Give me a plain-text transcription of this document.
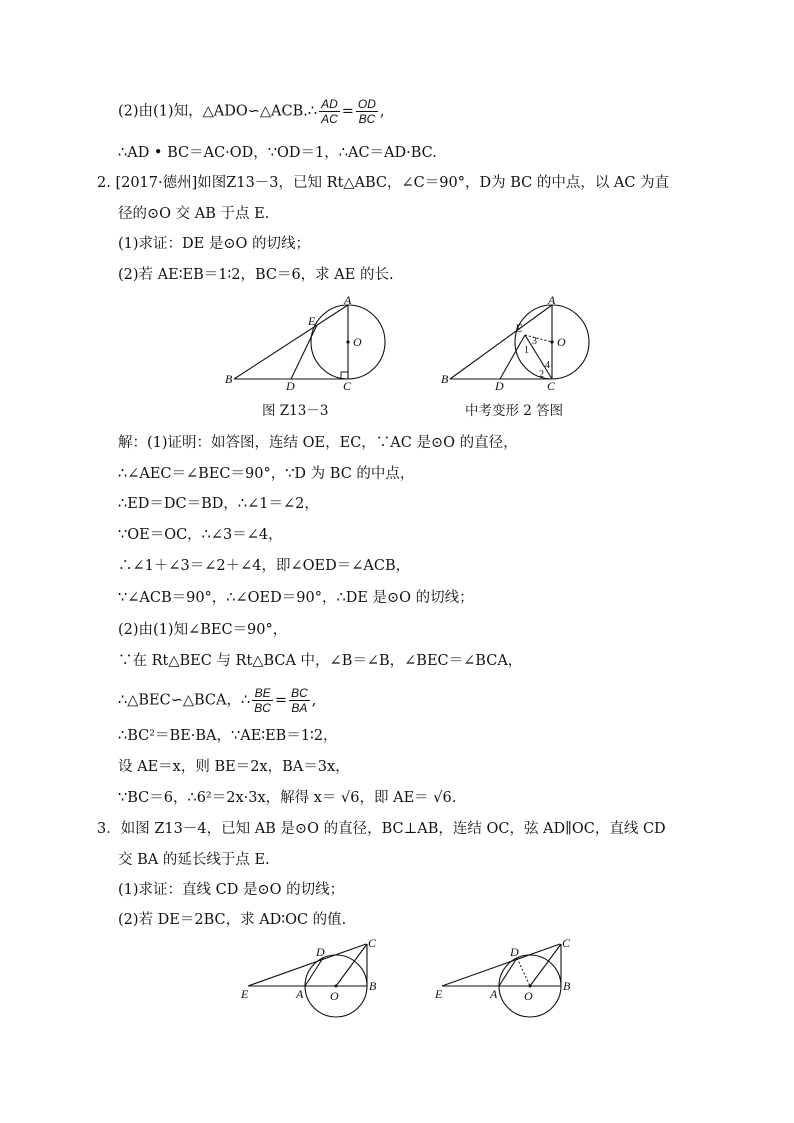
(2)由(1)知，△ADO∽△ACB.∴ $\frac{AD}{AC} = \frac{OD}{BC}$ ,
∴AD • BC＝AC·OD，∵OD＝1，∴AC＝AD·BC.
2. [2017·德州]如图Z13－3，已知 Rt△ABC，∠C＝90°，D为 BC 的中点，以 AC 为直
径的⊙O 交 AB 于点 E.
(1)求证：DE 是⊙O 的切线；
(2)若 AE∶EB＝1∶2，BC＝6，求 AE 的长.
A
B	C
D
E
O
图 Z13－3
A
B	C
D
E
O
1
2
3
4
中考变形 2 答图
解：(1)证明：如答图，连结 OE，EC，∵AC 是⊙O 的直径，
∴∠AEC＝∠BEC＝90°，∵D 为 BC 的中点，
∴ED＝DC＝BD，∴∠1＝∠2，
∵OE＝OC，∴∠3＝∠4，
∴∠1＋∠3＝∠2＋∠4，即∠OED＝∠ACB，
∵∠ACB＝90°，∴∠OED＝90°，∴DE 是⊙O 的切线；
(2)由(1)知∠BEC＝90°，
∵在 Rt△BEC 与 Rt△BCA 中，∠B＝∠B，∠BEC＝∠BCA，
∴△BEC∽△BCA，∴ $\frac{BE}{BC} = \frac{BC}{BA}$ ,
∴BC²＝BE·BA，∵AE∶EB＝1∶2，
设 AE＝x，则 BE＝2x，BA＝3x，
∵BC＝6，∴6²＝2x·3x，解得 x＝ √6，即 AE＝ √6.
3．如图 Z13－4，已知 AB 是⊙O 的直径，BC⊥AB，连结 OC，弦 AD∥OC，直线 CD
交 BA 的延长线于点 E.
(1)求证：直线 CD 是⊙O 的切线；
(2)若 DE＝2BC，求 AD∶OC 的值.
D
C
E	A O
B
D
C
E	A O
B
